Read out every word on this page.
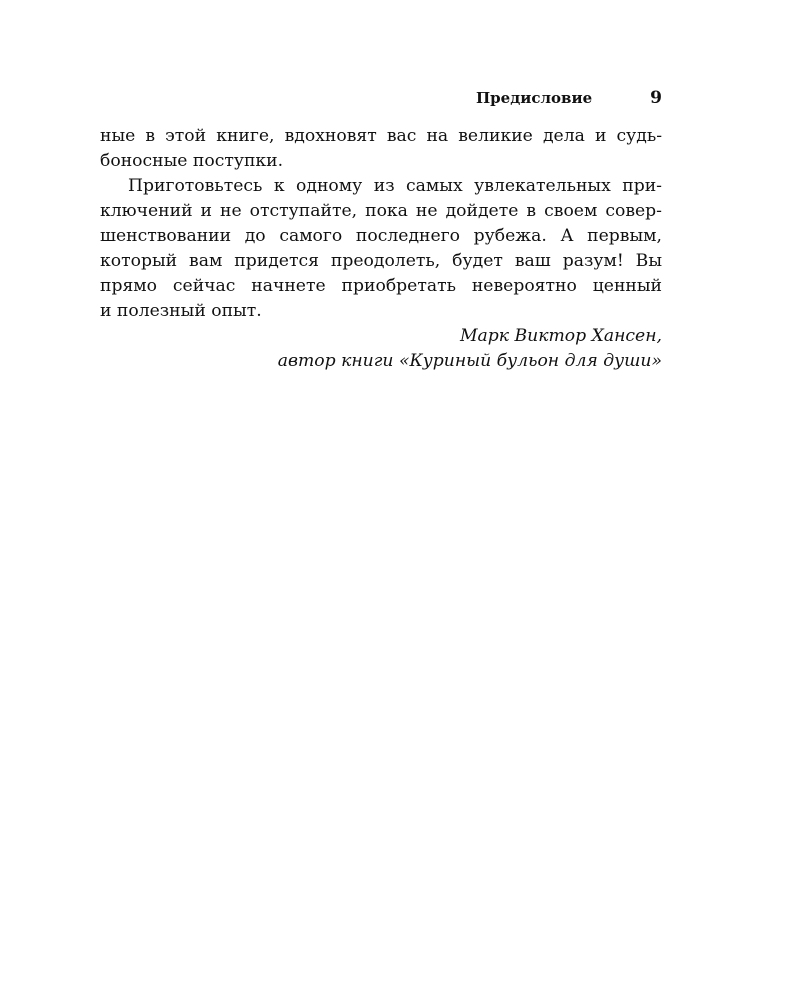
Предисловие	9
ные в этой книге, вдохновят вас на великие дела и судь-
боносные поступки.
Приготовьтесь к одному из самых увлекательных при-
ключений и не отступайте, пока не дойдете в своем совер-
шенствовании до самого последнего рубежа. А первым,
который вам придется преодолеть, будет ваш разум! Вы
прямо сейчас начнете приобретать невероятно ценный
и полезный опыт.
Марк Виктор Хансен,
автор книги «Куриный бульон для души»
